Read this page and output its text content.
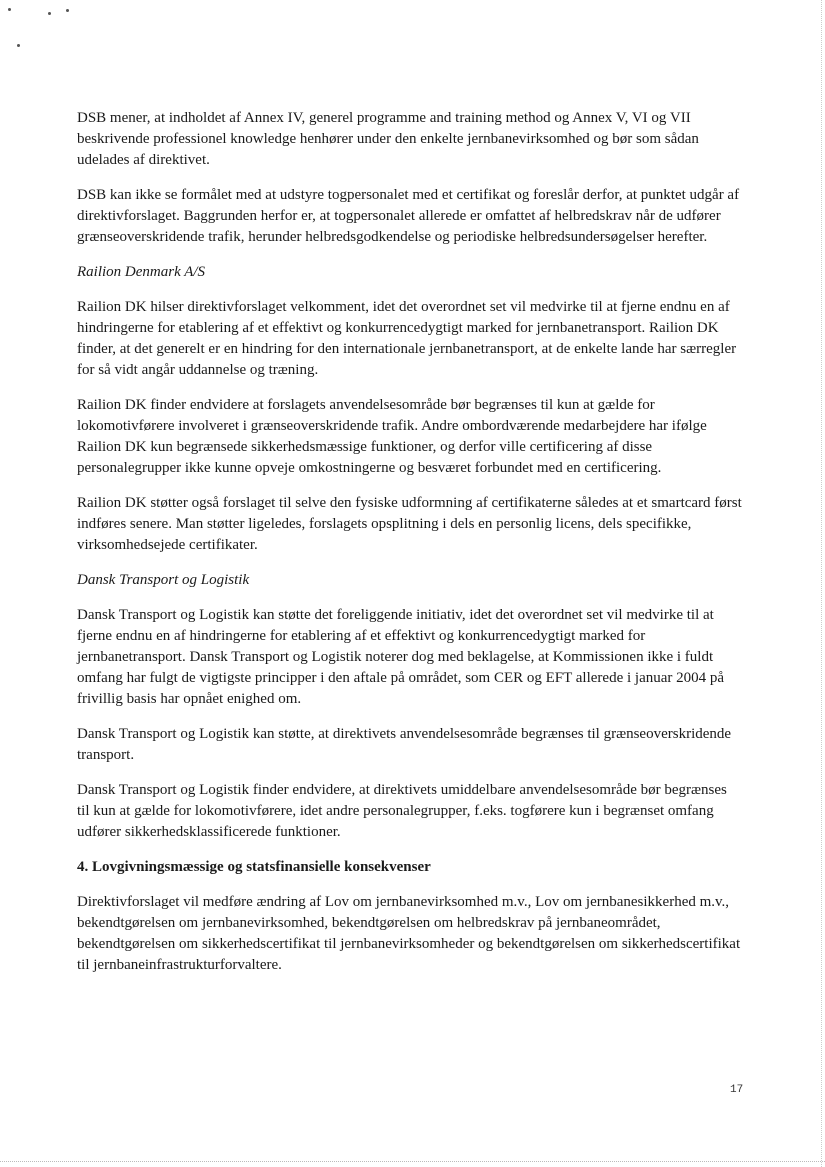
DSB mener, at indholdet af Annex IV, generel programme and training method og Annex V, VI og VII beskrivende professionel knowledge henhører under den enkelte jernbanevirksomhed og bør som sådan udelades af direktivet.

DSB kan ikke se formålet med at udstyre togpersonalet med et certifikat og foreslår derfor, at punktet udgår af direktivforslaget. Baggrunden herfor er, at togpersonalet allerede er omfattet af helbredskrav når de udfører grænseoverskridende trafik, herunder helbredsgodkendelse og periodiske helbredsundersøgelser herefter.

Railion Denmark A/S

Railion DK hilser direktivforslaget velkomment, idet det overordnet set vil medvirke til at fjerne endnu en af hindringerne for etablering af et effektivt og konkurrencedygtigt marked for jernbanetransport. Railion DK finder, at det generelt er en hindring for den internationale jernbanetransport, at de enkelte lande har særregler for så vidt angår uddannelse og træning.

Railion DK finder endvidere at forslagets anvendelsesområde bør begrænses til kun at gælde for lokomotivførere involveret i grænseoverskridende trafik. Andre ombordværende medarbejdere har ifølge Railion DK kun begrænsede sikkerhedsmæssige funktioner, og derfor ville certificering af disse personalegrupper ikke kunne opveje omkostningerne og besværet forbundet med en certificering.

Railion DK støtter også forslaget til selve den fysiske udformning af certifikaterne således at et smartcard først indføres senere. Man støtter ligeledes, forslagets opsplitning i dels en personlig licens, dels specifikke, virksomhedsejede certifikater.

Dansk Transport og Logistik

Dansk Transport og Logistik kan støtte det foreliggende initiativ, idet det overordnet set vil medvirke til at fjerne endnu en af hindringerne for etablering af et effektivt og konkurrencedygtigt marked for jernbanetransport. Dansk Transport og Logistik noterer dog med beklagelse, at Kommissionen ikke i fuldt omfang har fulgt de vigtigste principper i den aftale på området, som CER og EFT allerede i januar 2004 på frivillig basis har opnået enighed om.

Dansk Transport og Logistik kan støtte, at direktivets anvendelsesområde begrænses til grænseoverskridende transport.

Dansk Transport og Logistik finder endvidere, at direktivets umiddelbare anvendelsesområde bør begrænses til kun at gælde for lokomotivførere, idet andre personalegrupper, f.eks. togførere kun i begrænset omfang udfører sikkerhedsklassificerede funktioner.

4. Lovgivningsmæssige og statsfinansielle konsekvenser

Direktivforslaget vil medføre ændring af Lov om jernbanevirksomhed m.v., Lov om jernbanesikkerhed m.v., bekendtgørelsen om jernbanevirksomhed, bekendtgørelsen om helbredskrav på jernbaneområdet, bekendtgørelsen om sikkerhedscertifikat til jernbanevirksomheder og bekendtgørelsen om sikkerhedscertifikat til jernbaneinfrastrukturforvaltere.

17
